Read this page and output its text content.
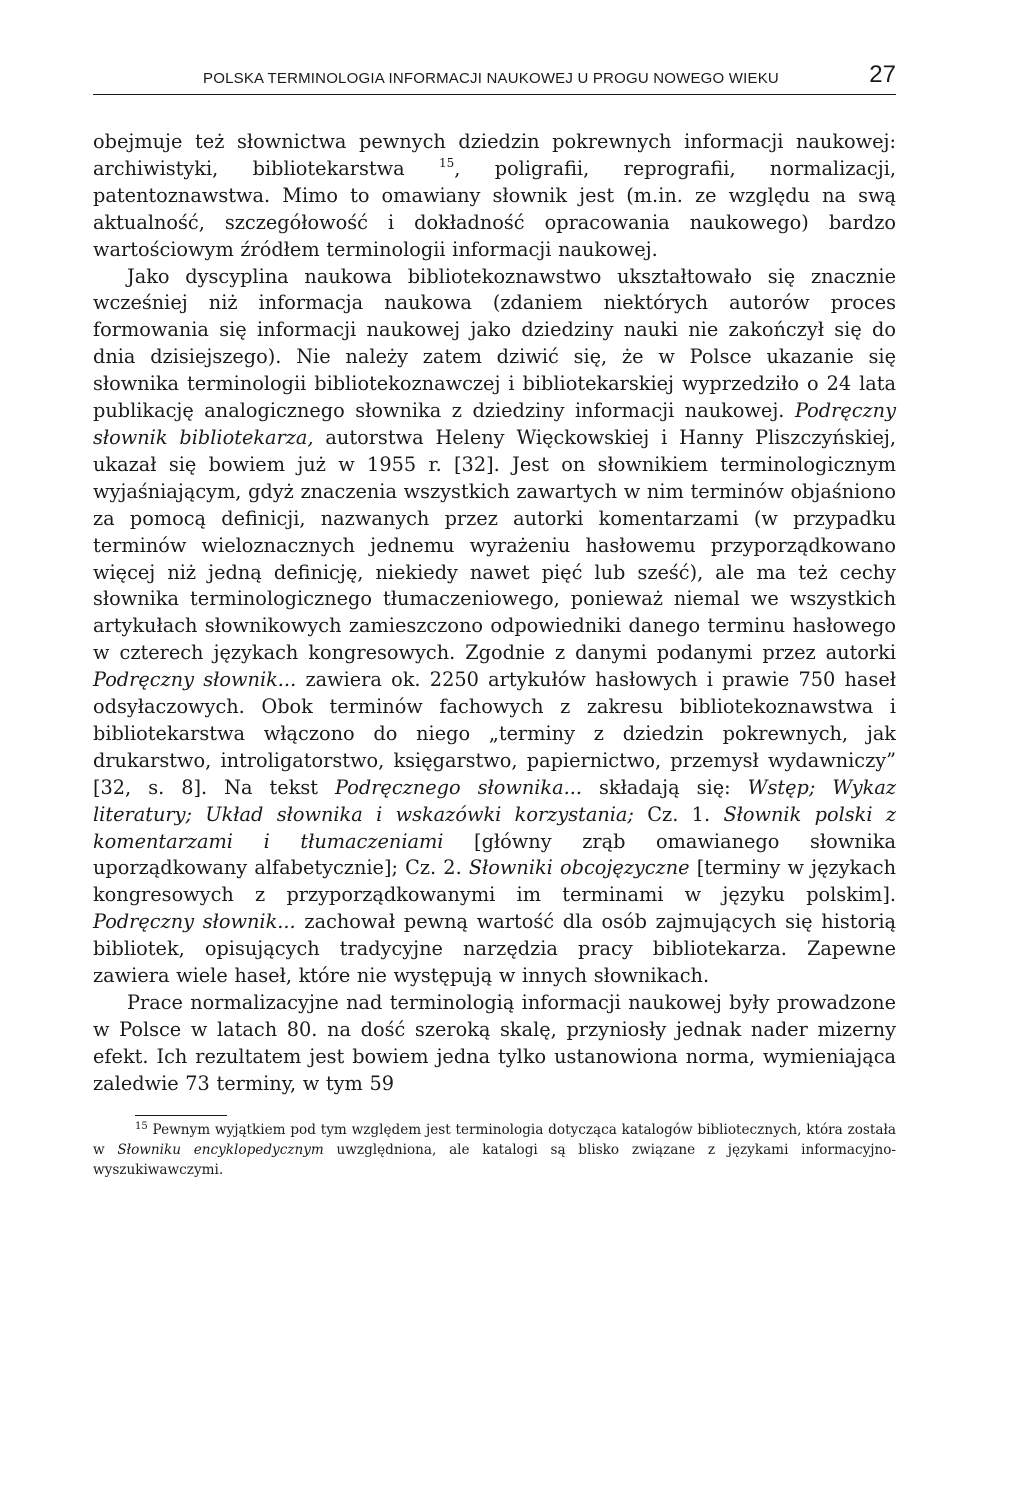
POLSKA TERMINOLOGIA INFORMACJI NAUKOWEJ U PROGU NOWEGO WIEKU	27

obejmuje też słownictwa pewnych dziedzin pokrewnych informacji naukowej: archiwistyki, bibliotekarstwa $^{15}$, poligrafii, reprografii, normalizacji, patentoznawstwa. Mimo to omawiany słownik jest (m.in. ze względu na swą aktualność, szczegółowość i dokładność opracowania naukowego) bardzo wartościowym źródłem terminologii informacji naukowej.

Jako dyscyplina naukowa bibliotekoznawstwo ukształtowało się znacznie wcześniej niż informacja naukowa (zdaniem niektórych autorów proces formowania się informacji naukowej jako dziedziny nauki nie zakończył się do dnia dzisiejszego). Nie należy zatem dziwić się, że w Polsce ukazanie się słownika terminologii bibliotekoznawczej i bibliotekarskiej wyprzedziło o 24 lata publikację analogicznego słownika z dziedziny informacji naukowej. Podręczny słownik bibliotekarza, autorstwa Heleny Więckowskiej i Hanny Pliszczyńskiej, ukazał się bowiem już w 1955 r. [32]. Jest on słownikiem terminologicznym wyjaśniającym, gdyż znaczenia wszystkich zawartych w nim terminów objaśniono za pomocą definicji, nazwanych przez autorki komentarzami (w przypadku terminów wieloznacznych jednemu wyrażeniu hasłowemu przyporządkowano więcej niż jedną definicję, niekiedy nawet pięć lub sześć), ale ma też cechy słownika terminologicznego tłumaczeniowego, ponieważ niemal we wszystkich artykułach słownikowych zamieszczono odpowiedniki danego terminu hasłowego w czterech językach kongresowych. Zgodnie z danymi podanymi przez autorki Podręczny słownik... zawiera ok. 2250 artykułów hasłowych i prawie 750 haseł odsyłaczowych. Obok terminów fachowych z zakresu bibliotekoznawstwa i bibliotekarstwa włączono do niego „terminy z dziedzin pokrewnych, jak drukarstwo, introligatorstwo, księgarstwo, papiernictwo, przemysł wydawniczy” [32, s. 8]. Na tekst Podręcznego słownika... składają się: Wstęp; Wykaz literatury; Układ słownika i wskazówki korzystania; Cz. 1. Słownik polski z komentarzami i tłumaczeniami [główny zrąb omawianego słownika uporządkowany alfabetycznie]; Cz. 2. Słowniki obcojęzyczne [terminy w językach kongresowych z przyporządkowanymi im terminami w języku polskim]. Podręczny słownik... zachował pewną wartość dla osób zajmujących się historią bibliotek, opisujących tradycyjne narzędzia pracy bibliotekarza. Zapewne zawiera wiele haseł, które nie występują w innych słownikach.

Prace normalizacyjne nad terminologią informacji naukowej były prowadzone w Polsce w latach 80. na dość szeroką skalę, przyniosły jednak nader mizerny efekt. Ich rezultatem jest bowiem jedna tylko ustanowiona norma, wymieniająca zaledwie 73 terminy, w tym 59

$^{15}$ Pewnym wyjątkiem pod tym względem jest terminologia dotycząca katalogów bibliotecznych, która została w Słowniku encyklopedycznym uwzględniona, ale katalogi są blisko związane z językami informacyjno-wyszukiwawczymi.
